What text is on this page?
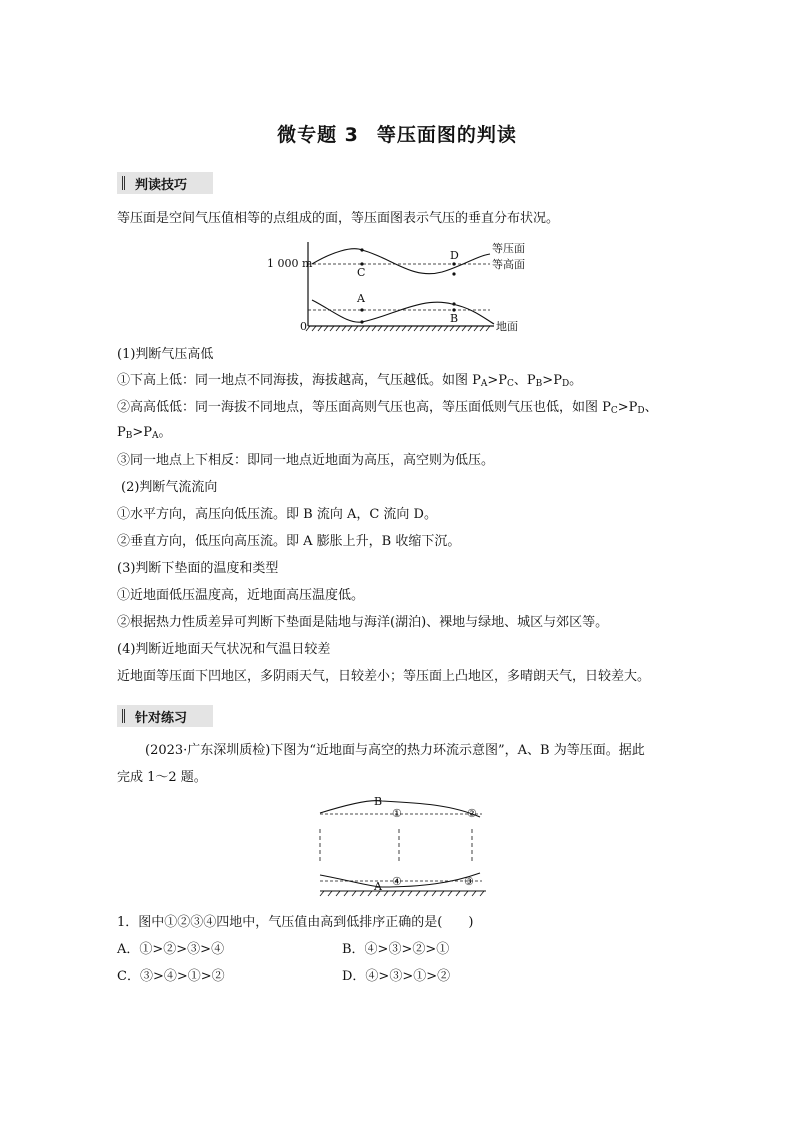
微专题 3 等压面图的判读
判读技巧
等压面是空间气压值相等的点组成的面，等压面图表示气压的垂直分布状况。
1 000 m
0
C
D
A
B
等压面
等高面
地面
(1)判断气压高低
①下高上低：同一地点不同海拔，海拔越高，气压越低。如图 $P_A>P_C$、$P_B>P_D$。
②高高低低：同一海拔不同地点，等压面高则气压也高，等压面低则气压也低，如图 $P_C>P_D$、
$P_B>P_A$。
③同一地点上下相反：即同一地点近地面为高压，高空则为低压。
(2)判断气流流向
①水平方向，高压向低压流。即 B 流向 A，C 流向 D。
②垂直方向，低压向高压流。即 A 膨胀上升，B 收缩下沉。
(3)判断下垫面的温度和类型
①近地面低压温度高，近地面高压温度低。
②根据热力性质差异可判断下垫面是陆地与海洋(湖泊)、裸地与绿地、城区与郊区等。
(4)判断近地面天气状况和气温日较差
近地面等压面下凹地区，多阴雨天气，日较差小；等压面上凸地区，多晴朗天气，日较差大。
针对练习
(2023·广东深圳质检)下图为“近地面与高空的热力环流示意图”，A、B 为等压面。据此
完成 1～2 题。
B
①	②
A ④	③
1．图中①②③④四地中，气压值由高到低排序正确的是(　　)
A．①>②>③>④	B．④>③>②>①
C．③>④>①>②	D．④>③>①>②
